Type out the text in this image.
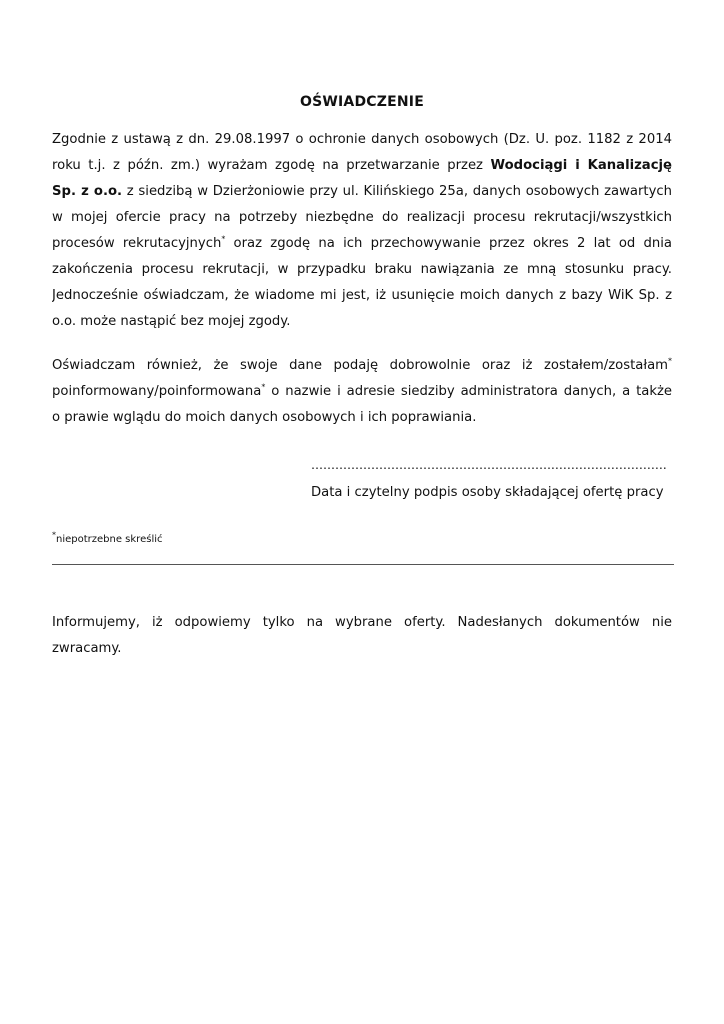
OŚWIADCZENIE
Zgodnie z ustawą z dn. 29.08.1997 o ochronie danych osobowych (Dz. U. poz. 1182 z 2014
roku t.j. z późn. zm.) wyrażam zgodę na przetwarzanie przez Wodociągi i Kanalizację
Sp. z o.o. z siedzibą w Dzierżoniowie przy ul. Kilińskiego 25a, danych osobowych zawartych
w mojej ofercie pracy na potrzeby niezbędne do realizacji procesu rekrutacji/wszystkich
procesów rekrutacyjnych* oraz zgodę na ich przechowywanie przez okres 2 lat od dnia
zakończenia procesu rekrutacji, w przypadku braku nawiązania ze mną stosunku pracy.
Jednocześnie oświadczam, że wiadome mi jest, iż usunięcie moich danych z bazy WiK Sp. z
o.o. może nastąpić bez mojej zgody.
Oświadczam również, że swoje dane podaję dobrowolnie oraz iż zostałem/zostałam*
poinformowany/poinformowana* o nazwie i adresie siedziby administratora danych, a także
o prawie wglądu do moich danych osobowych i ich poprawiania.
…………………………………………………….……………………….
Data i czytelny podpis osoby składającej ofertę pracy
*niepotrzebne skreślić
Informujemy, iż odpowiemy tylko na wybrane oferty. Nadesłanych dokumentów nie
zwracamy.
